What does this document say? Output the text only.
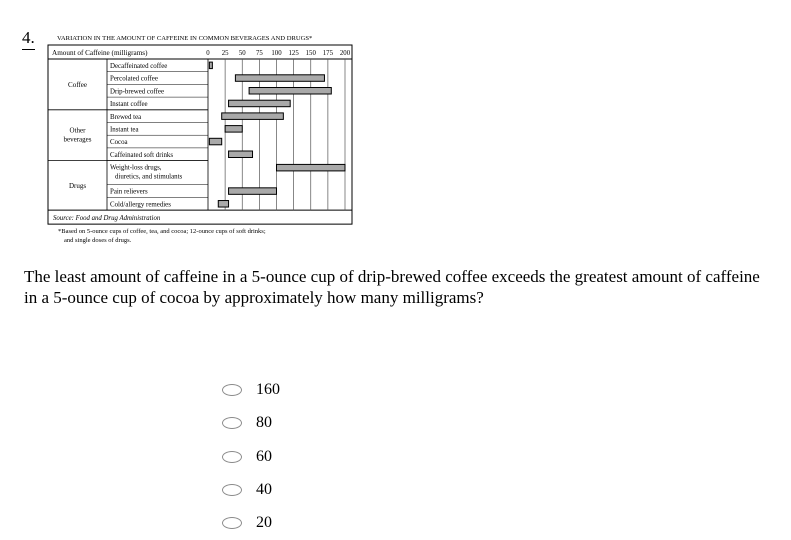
4.	VARIATION IN THE AMOUNT OF CAFFEINE IN COMMON BEVERAGES AND DRUGS*
Amount of Caffeine (milligrams)	0 25 50 75 100 125 150 175 200
Coffee
Other beverages
Drugs
Decaffeinated coffee
Percolated coffee
Drip-brewed coffee
Instant coffee
Brewed tea
Instant tea
Cocoa
Caffeinated soft drinks
Weight-loss drugs, diuretics, and stimulants
Pain relievers
Cold/allergy remedies
Source: Food and Drug Administration
*Based on 5-ounce cups of coffee, tea, and cocoa; 12-ounce cups of soft drinks; and single doses of drugs.
The least amount of caffeine in a 5-ounce cup of drip-brewed coffee exceeds the greatest amount of caffeine in a 5-ounce cup of cocoa by approximately how many milligrams?
160
80
60
40
20
